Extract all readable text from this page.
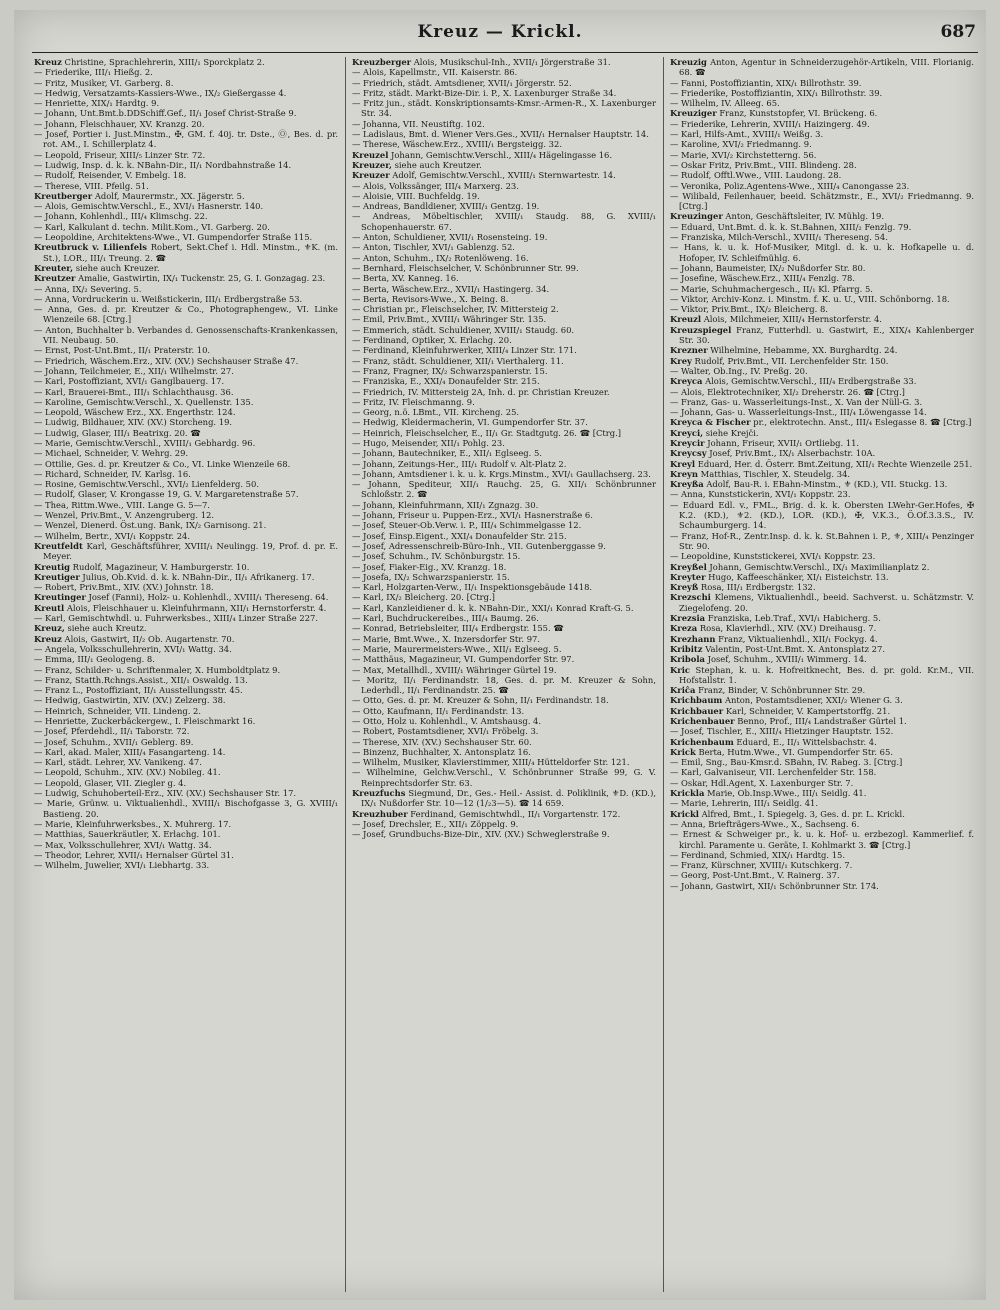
Kreuz — Krickl.	687
Kreuz Christine, Sprachlehrerin, XIII/₁ Sporckplatz 2.
— Friederike, III/₁ Hießg. 2.
— Fritz, Musiker, VI. Garberg. 8.
— Hedwig, Versatzamts-Kassiers-Wwe., IX/₂ Gießergasse 4.
— Henriette, XIX/₁ Hardtg. 9.
— Johann, Unt.Bmt.b.DDSchiff.Gef., II/₁ Josef Christ-Straße 9.
— Johann, Fleischhauer, XV. Kranzg. 20.
— Josef, Portier i. Just.Minstm., ✠, GM. f. 40j. tr. Dste., Ⓞ, Bes. d. pr. rot. AM., I. Schillerplatz 4.
— Leopold, Friseur, XIII/₅ Linzer Str. 72.
— Ludwig, Insp. d. k. k. NBahn-Dir., II/₁ Nordbahnstraße 14.
— Rudolf, Reisender, V. Embelg. 18.
— Therese, VIII. Pfeilg. 51.
Kreutberger Adolf, Maurermstr., XX. Jägerstr. 5.
— Alois, Gemischtw.Verschl., E., XVI/₁ Hasnerstr. 140.
— Johann, Kohlenhdl., III/₄ Klimschg. 22.
— Karl, Kalkulant d. techn. Milit.Kom., VI. Garberg. 20.
— Leopoldine, Architektens-Wwe., VI. Gumpendorfer Straße 115.
Kreutbruck v. Lilienfels Robert, Sekt.Chef i. Hdl. Minstm., ⚜K. (m. St.), LOR., III/₁ Treung. 2. ☎
Kreuter, siehe auch Kreuzer.
Kreutzer Amalie, Gastwirtin, IX/₁ Tuckenstr. 25, G. I. Gonzagag. 23.
— Anna, IX/₂ Severing. 5.
— Anna, Vordruckerin u. Weißstickerin, III/₁ Erdbergstraße 53.
— Anna, Ges. d. pr. Kreutzer & Co., Photographengew., VI. Linke Wienzeile 68. [Ctrg.]
— Anton, Buchhalter b. Verbandes d. Genossenschafts-Krankenkassen, VII. Neubaug. 50.
— Ernst, Post-Unt.Bmt., II/₁ Praterstr. 10.
— Friedrich, Wäschem.Erz., XIV. (XV.) Sechshauser Straße 47.
— Johann, Teilchmeier, E., XII/₁ Wilhelmstr. 27.
— Karl, Postoffiziant, XVI/₁ Ganglbauerg. 17.
— Karl, Brauerei-Bmt., III/₁ Schlachthausg. 36.
— Karoline, Gemischtw.Verschl., X. Quellenstr. 135.
— Leopold, Wäschew Erz., XX. Engerthstr. 124.
— Ludwig, Bildhauer, XIV. (XV.) Storcheng. 19.
— Ludwig, Glaser, III/₁ Beatrixg. 20. ☎
— Marie, Gemischtw.Verschl., XVIII/₁ Gebhardg. 96.
— Michael, Schneider, V. Wehrg. 29.
— Ottilie, Ges. d. pr. Kreutzer & Co., VI. Linke Wienzeile 68.
— Richard, Schneider, IV. Karlsg. 16.
— Rosine, Gemischtw.Verschl., XVI/₂ Lienfelderg. 50.
— Rudolf, Glaser, V. Krongasse 19, G. V. Margaretenstraße 57.
— Thea, Rittm.Wwe., VIII. Lange G. 5—7.
— Wenzel, Priv.Bmt., V. Anzengruberg. 12.
— Wenzel, Dienerd. Öst.ung. Bank, IX/₂ Garnisong. 21.
— Wilhelm, Bertr., XVI/₁ Koppstr. 24.
Kreutfeldt Karl, Geschäftsführer, XVIII/₁ Neulingg. 19, Prof. d. pr. E. Meyer.
Kreutig Rudolf, Magazineur, V. Hamburgerstr. 10.
Kreutiger Julius, Ob.Kvid. d. k. k. NBahn-Dir., II/₁ Afrikanerg. 17.
— Robert, Priv.Bmt., XIV. (XV.) Johnstr. 18.
Kreutinger Josef (Fanni), Holz- u. Kohlenhdl., XVIII/₁ Thereseng. 64.
Kreutl Alois, Fleischhauer u. Kleinfuhrmann, XII/₁ Hernstorferstr. 4.
— Karl, Gemischtwhdl. u. Fuhrwerksbes., XIII/₄ Linzer Straße 227.
Kreuz, siehe auch Kreutz.
Kreuz Alois, Gastwirt, II/₂ Ob. Augartenstr. 70.
— Angela, Volksschullehrerin, XVI/₁ Wattg. 34.
— Emma, III/₁ Geologeng. 8.
— Franz, Schilder- u. Schriftenmaler, X. Humboldtplatz 9.
— Franz, Statth.Rchngs.Assist., XII/₁ Oswaldg. 13.
— Franz L., Postoffiziant, II/₁ Ausstellungsstr. 45.
— Hedwig, Gastwirtin, XIV. (XV.) Zelzerg. 38.
— Heinrich, Schneider, VII. Lindeng. 2.
— Henriette, Zuckerbäckergew., I. Fleischmarkt 16.
— Josef, Pferdehdl., II/₁ Taborstr. 72.
— Josef, Schuhm., XVII/₁ Geblerg. 89.
— Karl, akad. Maler, XIII/₄ Fasangarteng. 14.
— Karl, städt. Lehrer, XV. Vanikeng. 47.
— Leopold, Schuhm., XIV. (XV.) Nobileg. 41.
— Leopold, Glaser, VII. Ziegler g. 4.
— Ludwig, Schuhoberteil-Erz., XIV. (XV.) Sechshauser Str. 17.
— Marie, Grünw. u. Viktualienhdl., XVIII/₁ Bischofgasse 3, G. XVIII/₁ Bastieng. 20.
— Marie, Kleinfuhrwerksbes., X. Muhrerg. 17.
— Matthias, Sauerkräutler, X. Erlachg. 101.
— Max, Volksschullehrer, XVI/₁ Wattg. 34.
— Theodor, Lehrer, XVII/₁ Hernalser Gürtel 31.
— Wilhelm, Juwelier, XVI/₁ Liebhartg. 33.
Kreuzberger Alois, Musikschul-Inh., XVII/₁ Jörgerstraße 31.
— Alois, Kapellmstr., VII. Kaiserstr. 86.
— Friedrich, städt. Amtsdiener, XVII/₁ Jörgerstr. 52.
— Fritz, städt. Markt-Bize-Dir. i. P., X. Laxenburger Straße 34.
— Fritz jun., städt. Konskriptionsamts-Kmsr.-Armen-R., X. Laxenburger Str. 34.
— Johanna, VII. Neustiftg. 102.
— Ladislaus, Bmt. d. Wiener Vers.Ges., XVII/₁ Hernalser Hauptstr. 14.
— Therese, Wäschew.Erz., XVIII/₁ Bergsteigg. 32.
Kreuzel Johann, Gemischtw.Verschl., XIII/₄ Hägelingasse 16.
Kreuzer, siehe auch Kreutzer.
Kreuzer Adolf, Gemischtw.Verschl., XVIII/₁ Sternwartestr. 14.
— Alois, Volkssänger, III/₄ Marxerg. 23.
— Aloisie, VIII. Buchfeldg. 19.
— Andreas, Bandldiener, XVIII/₁ Gentzg. 19.
— Andreas, Möbeltischler, XVIII/₁ Staudg. 88, G. XVIII/₁ Schopenhauerstr. 67.
— Anton, Schuldiener, XVII/₁ Rosensteing. 19.
— Anton, Tischler, XVI/₁ Gablenzg. 52.
— Anton, Schuhm., IX/₂ Rotenlöweng. 16.
— Bernhard, Fleischselcher, V. Schönbrunner Str. 99.
— Berta, XV. Kanneg. 16.
— Berta, Wäschew.Erz., XVII/₁ Hastingerg. 34.
— Berta, Revisors-Wwe., X. Being. 8.
— Christian pr., Fleischselcher, IV. Mittersteig 2.
— Emil, Priv.Bmt., XVIII/₁ Währinger Str. 135.
— Emmerich, städt. Schuldiener, XVIII/₁ Staudg. 60.
— Ferdinand, Optiker, X. Erlachg. 20.
— Ferdinand, Kleinfuhrwerker, XIII/₄ Linzer Str. 171.
— Franz, städt. Schuldiener, XII/₁ Vierthalerg. 11.
— Franz, Fragner, IX/₂ Schwarzspanierstr. 15.
— Franziska, E., XXI/₄ Donaufelder Str. 215.
— Friedrich, IV. Mittersteig 2A, Inh. d. pr. Christian Kreuzer.
— Fritz, IV. Fleischmanng. 9.
— Georg, n.ö. LBmt., VII. Kircheng. 25.
— Hedwig, Kleidermacherin, VI. Gumpendorfer Str. 37.
— Heinrich, Fleischselcher, E., II/₁ Gr. Stadtgutg. 26. ☎ [Ctrg.]
— Hugo, Meisender, XII/₁ Pohlg. 23.
— Johann, Bautechniker, E., XII/₁ Eglseeg. 5.
— Johann, Zeitungs-Her., III/₁ Rudolf v. Alt-Platz 2.
— Johann, Amtsdiener i. k. u. k. Krgs.Minstm., XVI/₁ Gaullachserg. 23.
— Johann, Spediteur, XII/₁ Rauchg. 25, G. XII/₁ Schönbrunner Schloßstr. 2. ☎
— Johann, Kleinfuhrmann, XII/₁ Zgnazg. 30.
— Johann, Friseur u. Puppen-Erz., XVI/₁ Hasnerstraße 6.
— Josef, Steuer-Ob.Verw. i. P., III/₄ Schimmelgasse 12.
— Josef, Einsp.Eigent., XXI/₄ Donaufelder Str. 215.
— Josef, Adressenschreib-Büro-Inh., VII. Gutenberggasse 9.
— Josef, Schuhm., IV. Schönburgstr. 15.
— Josef, Fiaker-Eig., XV. Kranzg. 18.
— Josefa, IX/₂ Schwarzspanierstr. 15.
— Karl, Holzgarten-Verw., II/₁ Inspektionsgebäude 1418.
— Karl, IX/₂ Bleicherg. 20. [Ctrg.]
— Karl, Kanzleidiener d. k. k. NBahn-Dir., XXI/₁ Konrad Kraft-G. 5.
— Karl, Buchdruckereibes., III/₄ Baumg. 26.
— Konrad, Betriebsleiter, III/₄ Erdbergstr. 155. ☎
— Marie, Bmt.Wwe., X. Inzersdorfer Str. 97.
— Marie, Maurermeisters-Wwe., XII/₁ Eglseeg. 5.
— Matthäus, Magazineur, VI. Gumpendorfer Str. 97.
— Max, Metallhdl., XVIII/₁ Währinger Gürtel 19.
— Moritz, II/₁ Ferdinandstr. 18, Ges. d. pr. M. Kreuzer & Sohn, Lederhdl., II/₁ Ferdinandstr. 25. ☎
— Otto, Ges. d. pr. M. Kreuzer & Sohn, II/₁ Ferdinandstr. 18.
— Otto, Kaufmann, II/₁ Ferdinandstr. 13.
— Otto, Holz u. Kohlenhdl., V. Amtshausg. 4.
— Robert, Postamtsdiener, XVI/₁ Fröbelg. 3.
— Therese, XIV. (XV.) Sechshauser Str. 60.
— Binzenz, Buchhalter, X. Antonsplatz 16.
— Wilhelm, Musiker, Klavierstimmer, XIII/₄ Hütteldorfer Str. 121.
— Wilhelmine, Gelchw.Verschl., V. Schönbrunner Straße 99, G. V. Reinprechtsdorfer Str. 63.
Kreuzfuchs Siegmund, Dr., Ges.- Heil.- Assist. d. Poliklinik, ⚜D. (KD.), IX/₁ Nußdorfer Str. 10—12 (1/₂3—5). ☎ 14 659.
Kreuzhuber Ferdinand, Gemischtwhdl., II/₁ Vorgartenstr. 172.
— Josef, Drechsler, E., XII/₁ Zöppelg. 9.
— Josef, Grundbuchs-Bize-Dir., XIV. (XV.) Schweglerstraße 9.
Kreuzig Anton, Agentur in Schneiderzugehör-Artikeln, VIII. Florianig. 68. ☎
— Fanni, Postoffiziantin, XIX/₁ Billrothstr. 39.
— Friederike, Postoffiziantin, XIX/₁ Billrothstr. 39.
— Wilhelm, IV. Alleeg. 65.
Kreuziger Franz, Kunststopfer, VI. Brückeng. 6.
— Friederike, Lehrerin, XVIII/₁ Haizingerg. 49.
— Karl, Hilfs-Amt., XVIII/₁ Weißg. 3.
— Karoline, XVI/₂ Friedmanng. 9.
— Marie, XVI/₂ Kirchstetterng. 56.
— Oskar Fritz, Priv.Bmt., VIII. Blindeng. 28.
— Rudolf, Offtl.Wwe., VIII. Laudong. 28.
— Veronika, Poliz.Agentens-Wwe., XIII/₄ Canongasse 23.
— Wilibald, Feilenhauer, beeid. Schätzmstr., E., XVI/₂ Friedmanng. 9. [Ctrg.]
Kreuzinger Anton, Geschäftsleiter, IV. Mühlg. 19.
— Eduard, Unt.Bmt. d. k. k. St.Bahnen, XIII/₂ Fenzlg. 79.
— Franziska, Milch-Verschl., XVIII/₁ Thereseng. 54.
— Hans, k. u. k. Hof-Musiker, Mitgl. d. k. u. k. Hofkapelle u. d. Hofoper, IV. Schleifmühlg. 6.
— Johann, Baumeister, IX/₂ Nußdorfer Str. 80.
— Josefine, Wäschew.Erz., XIII/₄ Fenzlg. 78.
— Marie, Schuhmachergesch., II/₁ Kl. Pfarrg. 5.
— Viktor, Archiv-Konz. i. Minstm. f. K. u. U., VIII. Schönborng. 18.
— Viktor, Priv.Bmt., IX/₂ Bleicherg. 8.
Kreuzl Alois, Milchmeier, XIII/₄ Hernstorferstr. 4.
Kreuzspiegel Franz, Futterhdl. u. Gastwirt, E., XIX/₄ Kahlenberger Str. 30.
Krezner Wilhelmine, Hebamme, XX. Burghardtg. 24.
Krey Rudolf, Priv.Bmt., VII. Lerchenfelder Str. 150.
— Walter, Ob.Ing., IV. Preßg. 20.
Kreyca Alois, Gemischtw.Verschl., III/₄ Erdbergstraße 33.
— Alois, Elektrotechniker, XI/₂ Dreherstr. 26. ☎ [Ctrg.]
— Franz, Gas- u. Wasserleitungs-Inst., X. Van der Nüll-G. 3.
— Johann, Gas- u. Wasserleitungs-Inst., III/₄ Löwengasse 14.
Kreyca & Fischer pr., elektrotechn. Anst., III/₄ Eslegasse 8. ☎ [Ctrg.]
Kreyci, siehe Krejči.
Kreycir Johann, Friseur, XVII/₁ Ortliebg. 11.
Kreycsy Josef, Priv.Bmt., IX/₁ Alserbachstr. 10A.
Kreyl Eduard, Her. d. Österr. Bmt.Zeitung, XII/₁ Rechte Wienzeile 251.
Kreyn Matthias, Tischler, X. Steudelg. 34.
Kreyßa Adolf, Bau-R. i. EBahn-Minstm., ⚜ (KD.), VII. Stuckg. 13.
— Anna, Kunststickerin, XVI/₁ Koppstr. 23.
— Eduard Edl. v., FML., Brig. d. k. k. Obersten LWehr-Ger.Hofes, ✠ K.2. (KD.), ⚜2. (KD.), LOR. (KD.), ✠, V.K.3., Ö.Of.3.3.S., IV. Schaumburgerg. 14.
— Franz, Hof-R., Zentr.Insp. d. k. k. St.Bahnen i. P., ⚜, XIII/₄ Penzinger Str. 90.
— Leopoldine, Kunststickerei, XVI/₁ Koppstr. 23.
Kreyßel Johann, Gemischtw.Verschl., IX/₁ Maximilianplatz 2.
Kreyter Hugo, Kaffeeschänker, XI/₁ Eisteichstr. 13.
Kreyß Rosa, III/₁ Erdbergstr. 132.
Krezschi Klemens, Viktualienhdl., beeid. Sachverst. u. Schätzmstr. V. Ziegelofeng. 20.
Krezsia Franziska, Leb.Traf., XVI/₁ Habicherg. 5.
Kreza Rosa, Klavierhdl., XIV. (XV.) Dreihausg. 7.
Krezhann Franz, Viktualienhdl., XII/₁ Fockyg. 4.
Kribitz Valentin, Post-Unt.Bmt. X. Antonsplatz 27.
Kribola Josef, Schuhm., XVIII/₁ Wimmerg. 14.
Kric Stephan, k. u. k. Hofreitknecht, Bes. d. pr. gold. Kr.M., VII. Hofstallstr. 1.
Kriĉa Franz, Binder, V. Schönbrunner Str. 29.
Krichbaum Anton, Postamtsdiener, XXI/₂ Wiener G. 3.
Krichbauer Karl, Schneider, V. Kampertstorffg. 21.
Krichenbauer Benno, Prof., III/₄ Landstraßer Gürtel 1.
— Josef, Tischler, E., XIII/₄ Hietzinger Hauptstr. 152.
Krichenbaum Eduard, E., II/₁ Wittelsbachstr. 4.
Krick Berta, Hutm.Wwe., VI. Gumpendorfer Str. 65.
— Emil, Sng., Bau-Kmsr.d. SBahn, IV. Rabeg. 3. [Ctrg.]
— Karl, Galvaniseur, VII. Lerchenfelder Str. 158.
— Oskar, Hdl.Agent, X. Laxenburger Str. 7.
Krickla Marie, Ob.Insp.Wwe., III/₁ Seidlg. 41.
— Marie, Lehrerin, III/₁ Seidlg. 41.
Krickl Alfred, Bmt., I. Spiegelg. 3, Ges. d. pr. L. Krickl.
— Anna, Briefträgers-Wwe., X., Sachseng. 6.
— Ernest & Schweiger pr., k. u. k. Hof- u. erzbezogl. Kammerlief. f. kirchl. Paramente u. Geräte, I. Kohlmarkt 3. ☎ [Ctrg.]
— Ferdinand, Schmied, XIX/₁ Hardtg. 15.
— Franz, Kürschner, XVIII/₁ Kutschkerg. 7.
— Georg, Post-Unt.Bmt., V. Rainerg. 37.
— Johann, Gastwirt, XII/₁ Schönbrunner Str. 174.
